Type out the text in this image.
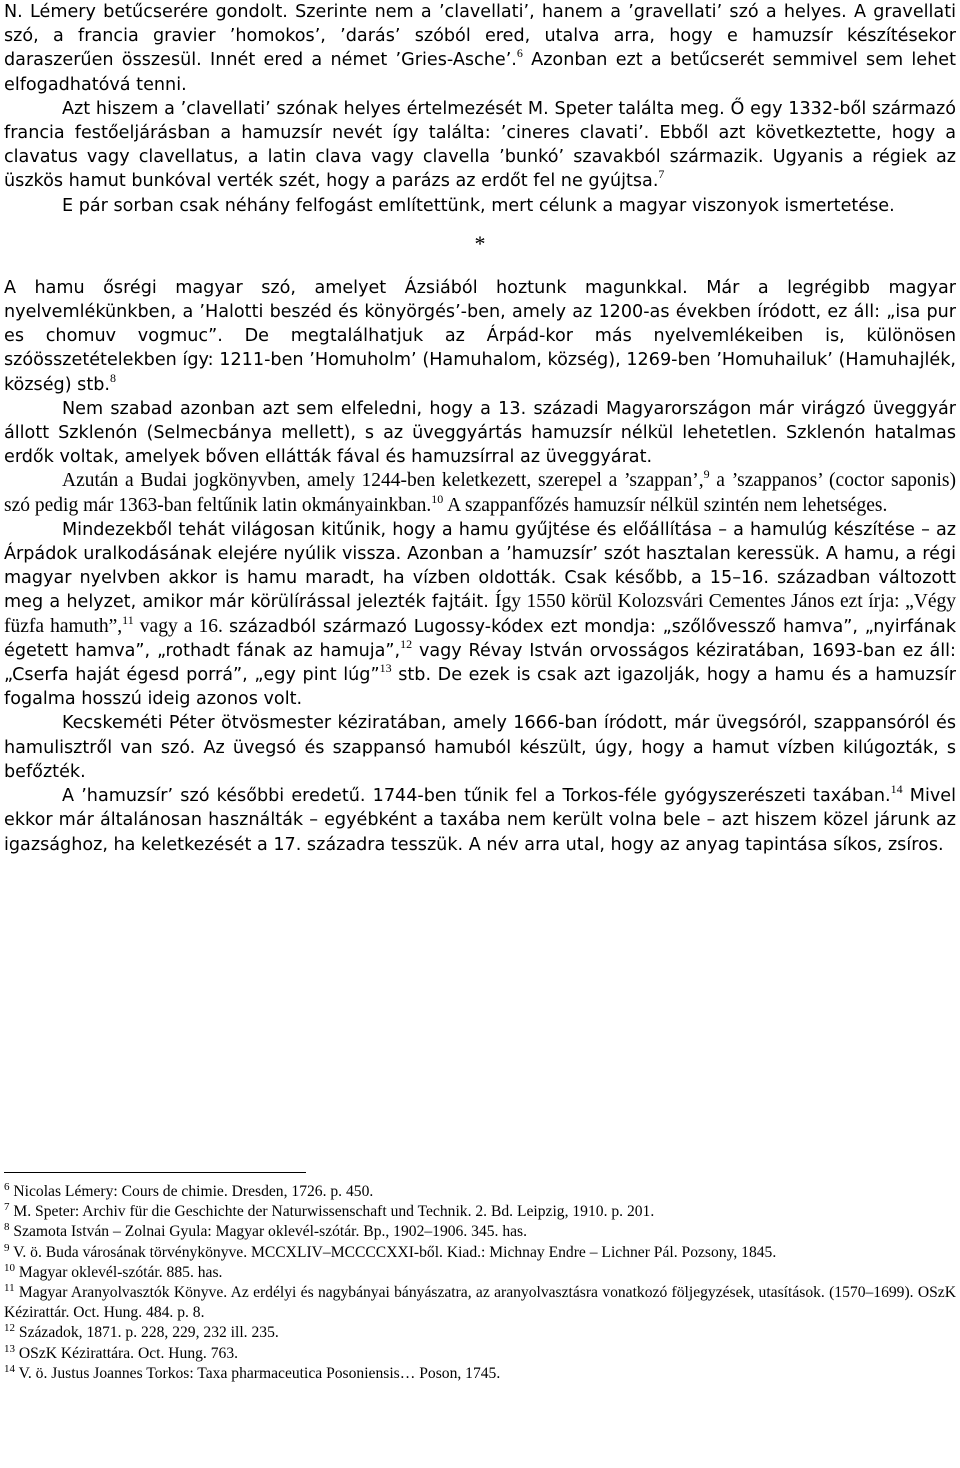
N. Lémery betűcserére gondolt. Szerinte nem a ’clavellati’, hanem a ’gravellati’ szó a helyes. A gravellati szó, a francia gravier ’homokos’, ’darás’ szóból ered, utalva arra, hogy e hamuzsír készítésekor daraszerűen összesül. Innét ered a német ’Gries-Asche’.$^6$ Azonban ezt a betűcserét semmivel sem lehet elfogadhatóvá tenni.

Azt hiszem a ’clavellati’ szónak helyes értelmezését M. Speter találta meg. Ő egy 1332-ből származó francia festőeljárásban a hamuzsír nevét így találta: ’cineres clavati’. Ebből azt következtette, hogy a clavatus vagy clavellatus, a latin clava vagy clavella ’bunkó’ szavakból származik. Ugyanis a régiek az üszkös hamut bunkóval verték szét, hogy a parázs az erdőt fel ne gyújtsa.$^7$

E pár sorban csak néhány felfogást említettünk, mert célunk a magyar viszonyok ismertetése.

*

A hamu ősrégi magyar szó, amelyet Ázsiából hoztunk magunkkal. Már a legrégibb magyar nyelvemlékünkben, a ’Halotti beszéd és könyörgés’-ben, amely az 1200-as években íródott, ez áll: „isa pur es chomuv vogmuc”. De megtalálhatjuk az Árpád-kor más nyelvemlékeiben is, különösen szóösszetételekben így: 1211-ben ’Homuholm’ (Hamuhalom, község), 1269-ben ’Homuhailuk’ (Hamuhajlék, község) stb.$^8$

Nem szabad azonban azt sem elfeledni, hogy a 13. századi Magyarországon már virágzó üveggyár állott Szklenón (Selmecbánya mellett), s az üveggyártás hamuzsír nélkül lehetetlen. Szklenón hatalmas erdők voltak, amelyek bőven ellátták fával és hamuzsírral az üveggyárat.

Azután a Budai jogkönyvben, amely 1244-ben keletkezett, szerepel a ’szappan’,$^9$ a ’szappanos’ (coctor saponis) szó pedig már 1363-ban feltűnik latin okmányainkban.$^{10}$ A szappanfőzés hamuzsír nélkül szintén nem lehetséges.

Mindezekből tehát világosan kitűnik, hogy a hamu gyűjtése és előállítása – a hamulúg készítése – az Árpádok uralkodásának elejére nyúlik vissza. Azonban a ’hamuzsír’ szót hasztalan keressük. A hamu, a régi magyar nyelvben akkor is hamu maradt, ha vízben oldották. Csak később, a 15–16. században változott meg a helyzet, amikor már körülírással jelezték fajtáit. Így 1550 körül Kolozsvári Cementes János ezt írja: „Végy füzfa hamuth”,$^{11}$ vagy a 16. századból származó Lugossy-kódex ezt mondja: „szőlővessző hamva”, „nyirfának égetett hamva”, „rothadt fának az hamuja”,$^{12}$ vagy Révay István orvosságos kéziratában, 1693-ban ez áll: „Cserfa haját égesd porrá”, „egy pint lúg”$^{13}$ stb. De ezek is csak azt igazolják, hogy a hamu és a hamuzsír fogalma hosszú ideig azonos volt.

Kecskeméti Péter ötvösmester kéziratában, amely 1666-ban íródott, már üvegsóról, szappansóról és hamulisztről van szó. Az üvegsó és szappansó hamuból készült, úgy, hogy a hamut vízben kilúgozták, s befőzték.

A ’hamuzsír’ szó későbbi eredetű. 1744-ben tűnik fel a Torkos-féle gyógyszerészeti taxában.$^{14}$ Mivel ekkor már általánosan használták – egyébként a taxába nem került volna bele – azt hiszem közel járunk az igazsághoz, ha keletkezését a 17. századra tesszük. A név arra utal, hogy az anyag tapintása síkos, zsíros.

$^6$ Nicolas Lémery: Cours de chimie. Dresden, 1726. p. 450.

$^7$ M. Speter: Archiv für die Geschichte der Naturwissenschaft und Technik. 2. Bd. Leipzig, 1910. p. 201.

$^8$ Szamota István – Zolnai Gyula: Magyar oklevél-szótár. Bp., 1902–1906. 345. has.

$^9$ V. ö. Buda városának törvénykönyve. MCCXLIV–MCCCCXXI-ből. Kiad.: Michnay Endre – Lichner Pál. Pozsony, 1845.

$^{10}$ Magyar oklevél-szótár. 885. has.

$^{11}$ Magyar Aranyolvasztók Könyve. Az erdélyi és nagybányai bányászatra, az aranyolvasztásra vonatkozó följegyzések, utasítások. (1570–1699). OSzK Kézirattár. Oct. Hung. 484. p. 8.

$^{12}$ Századok, 1871. p. 228, 229, 232 ill. 235.

$^{13}$ OSzK Kézirattára. Oct. Hung. 763.

$^{14}$ V. ö. Justus Joannes Torkos: Taxa pharmaceutica Posoniensis… Poson, 1745.
